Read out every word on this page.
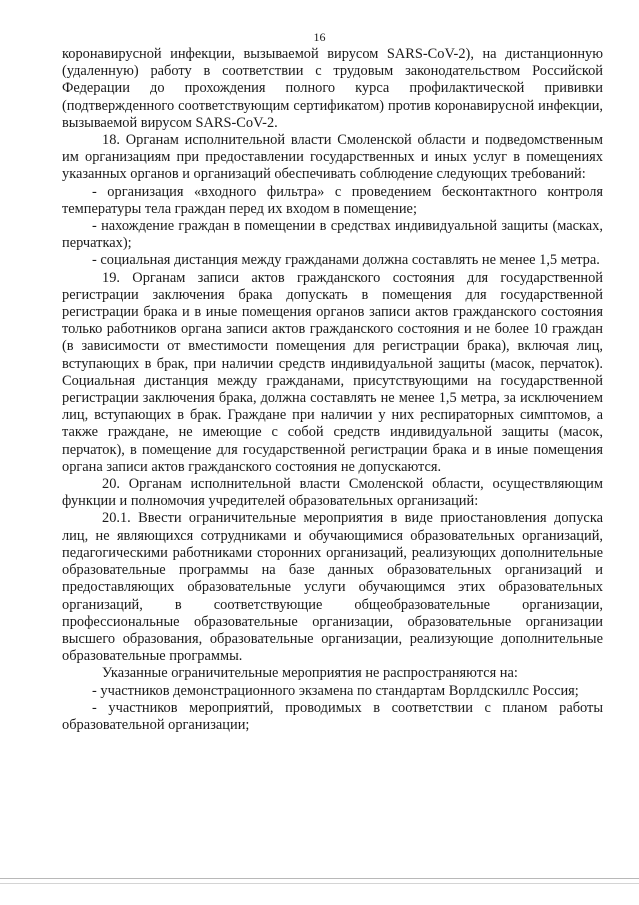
16

коронавирусной инфекции, вызываемой вирусом SARS-CoV-2), на дистанционную (удаленную) работу в соответствии с трудовым законодательством Российской Федерации до прохождения полного курса профилактической прививки (подтвержденного соответствующим сертификатом) против коронавирусной инфекции, вызываемой вирусом SARS-CoV-2.

18. Органам исполнительной власти Смоленской области и подведомственным им организациям при предоставлении государственных и иных услуг в помещениях указанных органов и организаций обеспечивать соблюдение следующих требований:

- организация «входного фильтра» с проведением бесконтактного контроля температуры тела граждан перед их входом в помещение;

- нахождение граждан в помещении в средствах индивидуальной защиты (масках, перчатках);

- социальная дистанция между гражданами должна составлять не менее 1,5 метра.

19. Органам записи актов гражданского состояния для государственной регистрации заключения брака допускать в помещения для государственной регистрации брака и в иные помещения органов записи актов гражданского состояния только работников органа записи актов гражданского состояния и не более 10 граждан (в зависимости от вместимости помещения для регистрации брака), включая лиц, вступающих в брак, при наличии средств индивидуальной защиты (масок, перчаток). Социальная дистанция между гражданами, присутствующими на государственной регистрации заключения брака, должна составлять не менее 1,5 метра, за исключением лиц, вступающих в брак. Граждане при наличии у них респираторных симптомов, а также граждане, не имеющие с собой средств индивидуальной защиты (масок, перчаток), в помещение для государственной регистрации брака и в иные помещения органа записи актов гражданского состояния не допускаются.

20. Органам исполнительной власти Смоленской области, осуществляющим функции и полномочия учредителей образовательных организаций:

20.1. Ввести ограничительные мероприятия в виде приостановления допуска лиц, не являющихся сотрудниками и обучающимися образовательных организаций, педагогическими работниками сторонних организаций, реализующих дополнительные образовательные программы на базе данных образовательных организаций и предоставляющих образовательные услуги обучающимся этих образовательных организаций, в соответствующие общеобразовательные организации, профессиональные образовательные организации, образовательные организации высшего образования, образовательные организации, реализующие дополнительные образовательные программы.

Указанные ограничительные мероприятия не распространяются на:

- участников демонстрационного экзамена по стандартам Ворлдскиллс Россия;

- участников мероприятий, проводимых в соответствии с планом работы образовательной организации;
